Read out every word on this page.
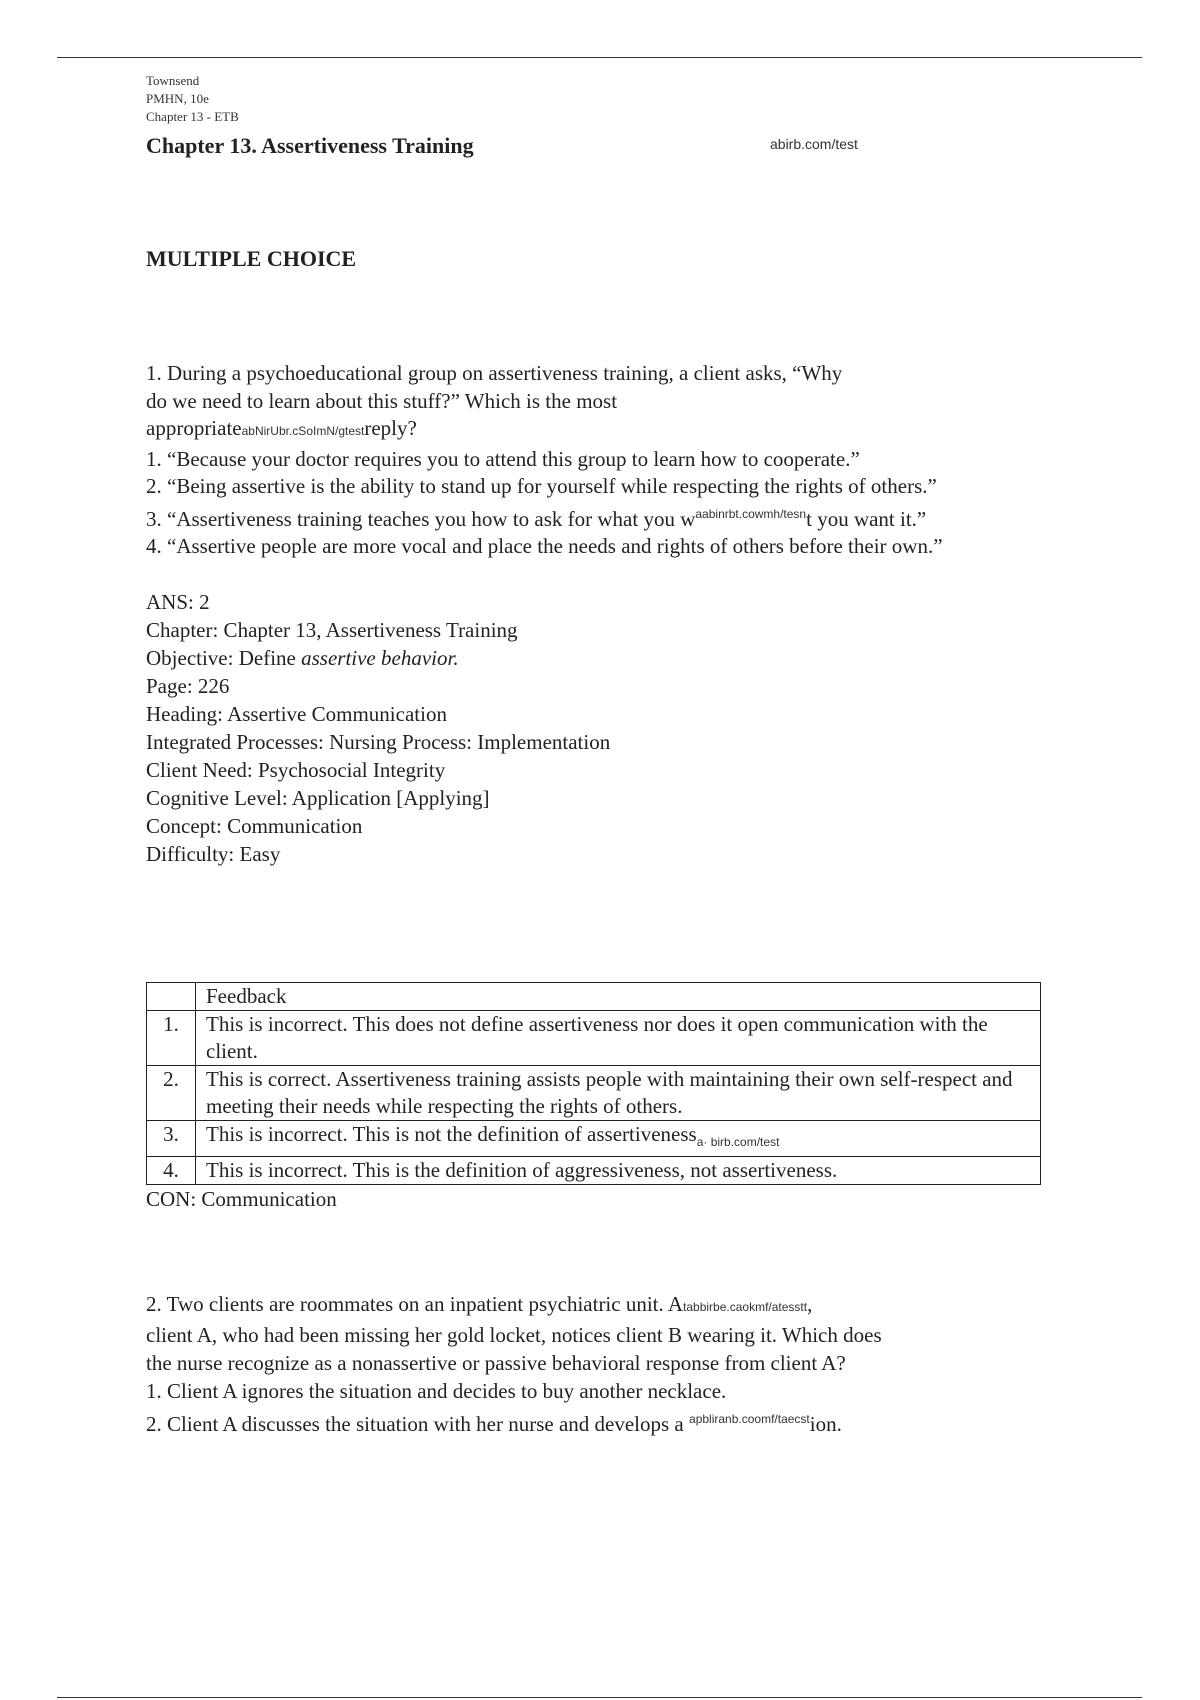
Townsend
PMHN, 10e
Chapter 13 - ETB
Chapter 13. Assertiveness Training	abirb.com/test
MULTIPLE CHOICE

1. During a psychoeducational group on assertiveness training, a client asks, “Why

do we need to learn about this stuff?” Which is the most

appropriateabNirUbr.cSoImN/gtestreply?

1. “Because your doctor requires you to attend this group to learn how to cooperate.”

2. “Being assertive is the ability to stand up for yourself while respecting the rights of others.”

3. “Assertiveness training teaches you how to ask for what you $w^{aabinrbt.cowmh/tesn}t$ you want it.”

4. “Assertive people are more vocal and place the needs and rights of others before their own.”

ANS: 2

Chapter: Chapter 13, Assertiveness Training

Objective: Define assertive behavior.

Page: 226

Heading: Assertive Communication

Integrated Processes: Nursing Process: Implementation

Client Need: Psychosocial Integrity

Cognitive Level: Application [Applying]

Concept: Communication

Difficulty: Easy

	Feedback
1.	This is incorrect. This does not define assertiveness nor does it open communication with the client.
2.	This is correct. Assertiveness training assists people with maintaining their own self-respect and meeting their needs while respecting the rights of others.
3.	This is incorrect. This is not the definition of assertiveness$_{a\cdot birb.com/test}$
4.	This is incorrect. This is the definition of aggressiveness, not assertiveness.
CON: Communication

2. Two clients are roommates on an inpatient psychiatric unit. Atabbirbe.caokmf/atesstt,

client A, who had been missing her gold locket, notices client B wearing it. Which does

the nurse recognize as a nonassertive or passive behavioral response from client A?

1. Client A ignores the situation and decides to buy another necklace.

2. Client A discusses the situation with her nurse and develops a $^{apbliranb.coomf/taecst}$ion.
